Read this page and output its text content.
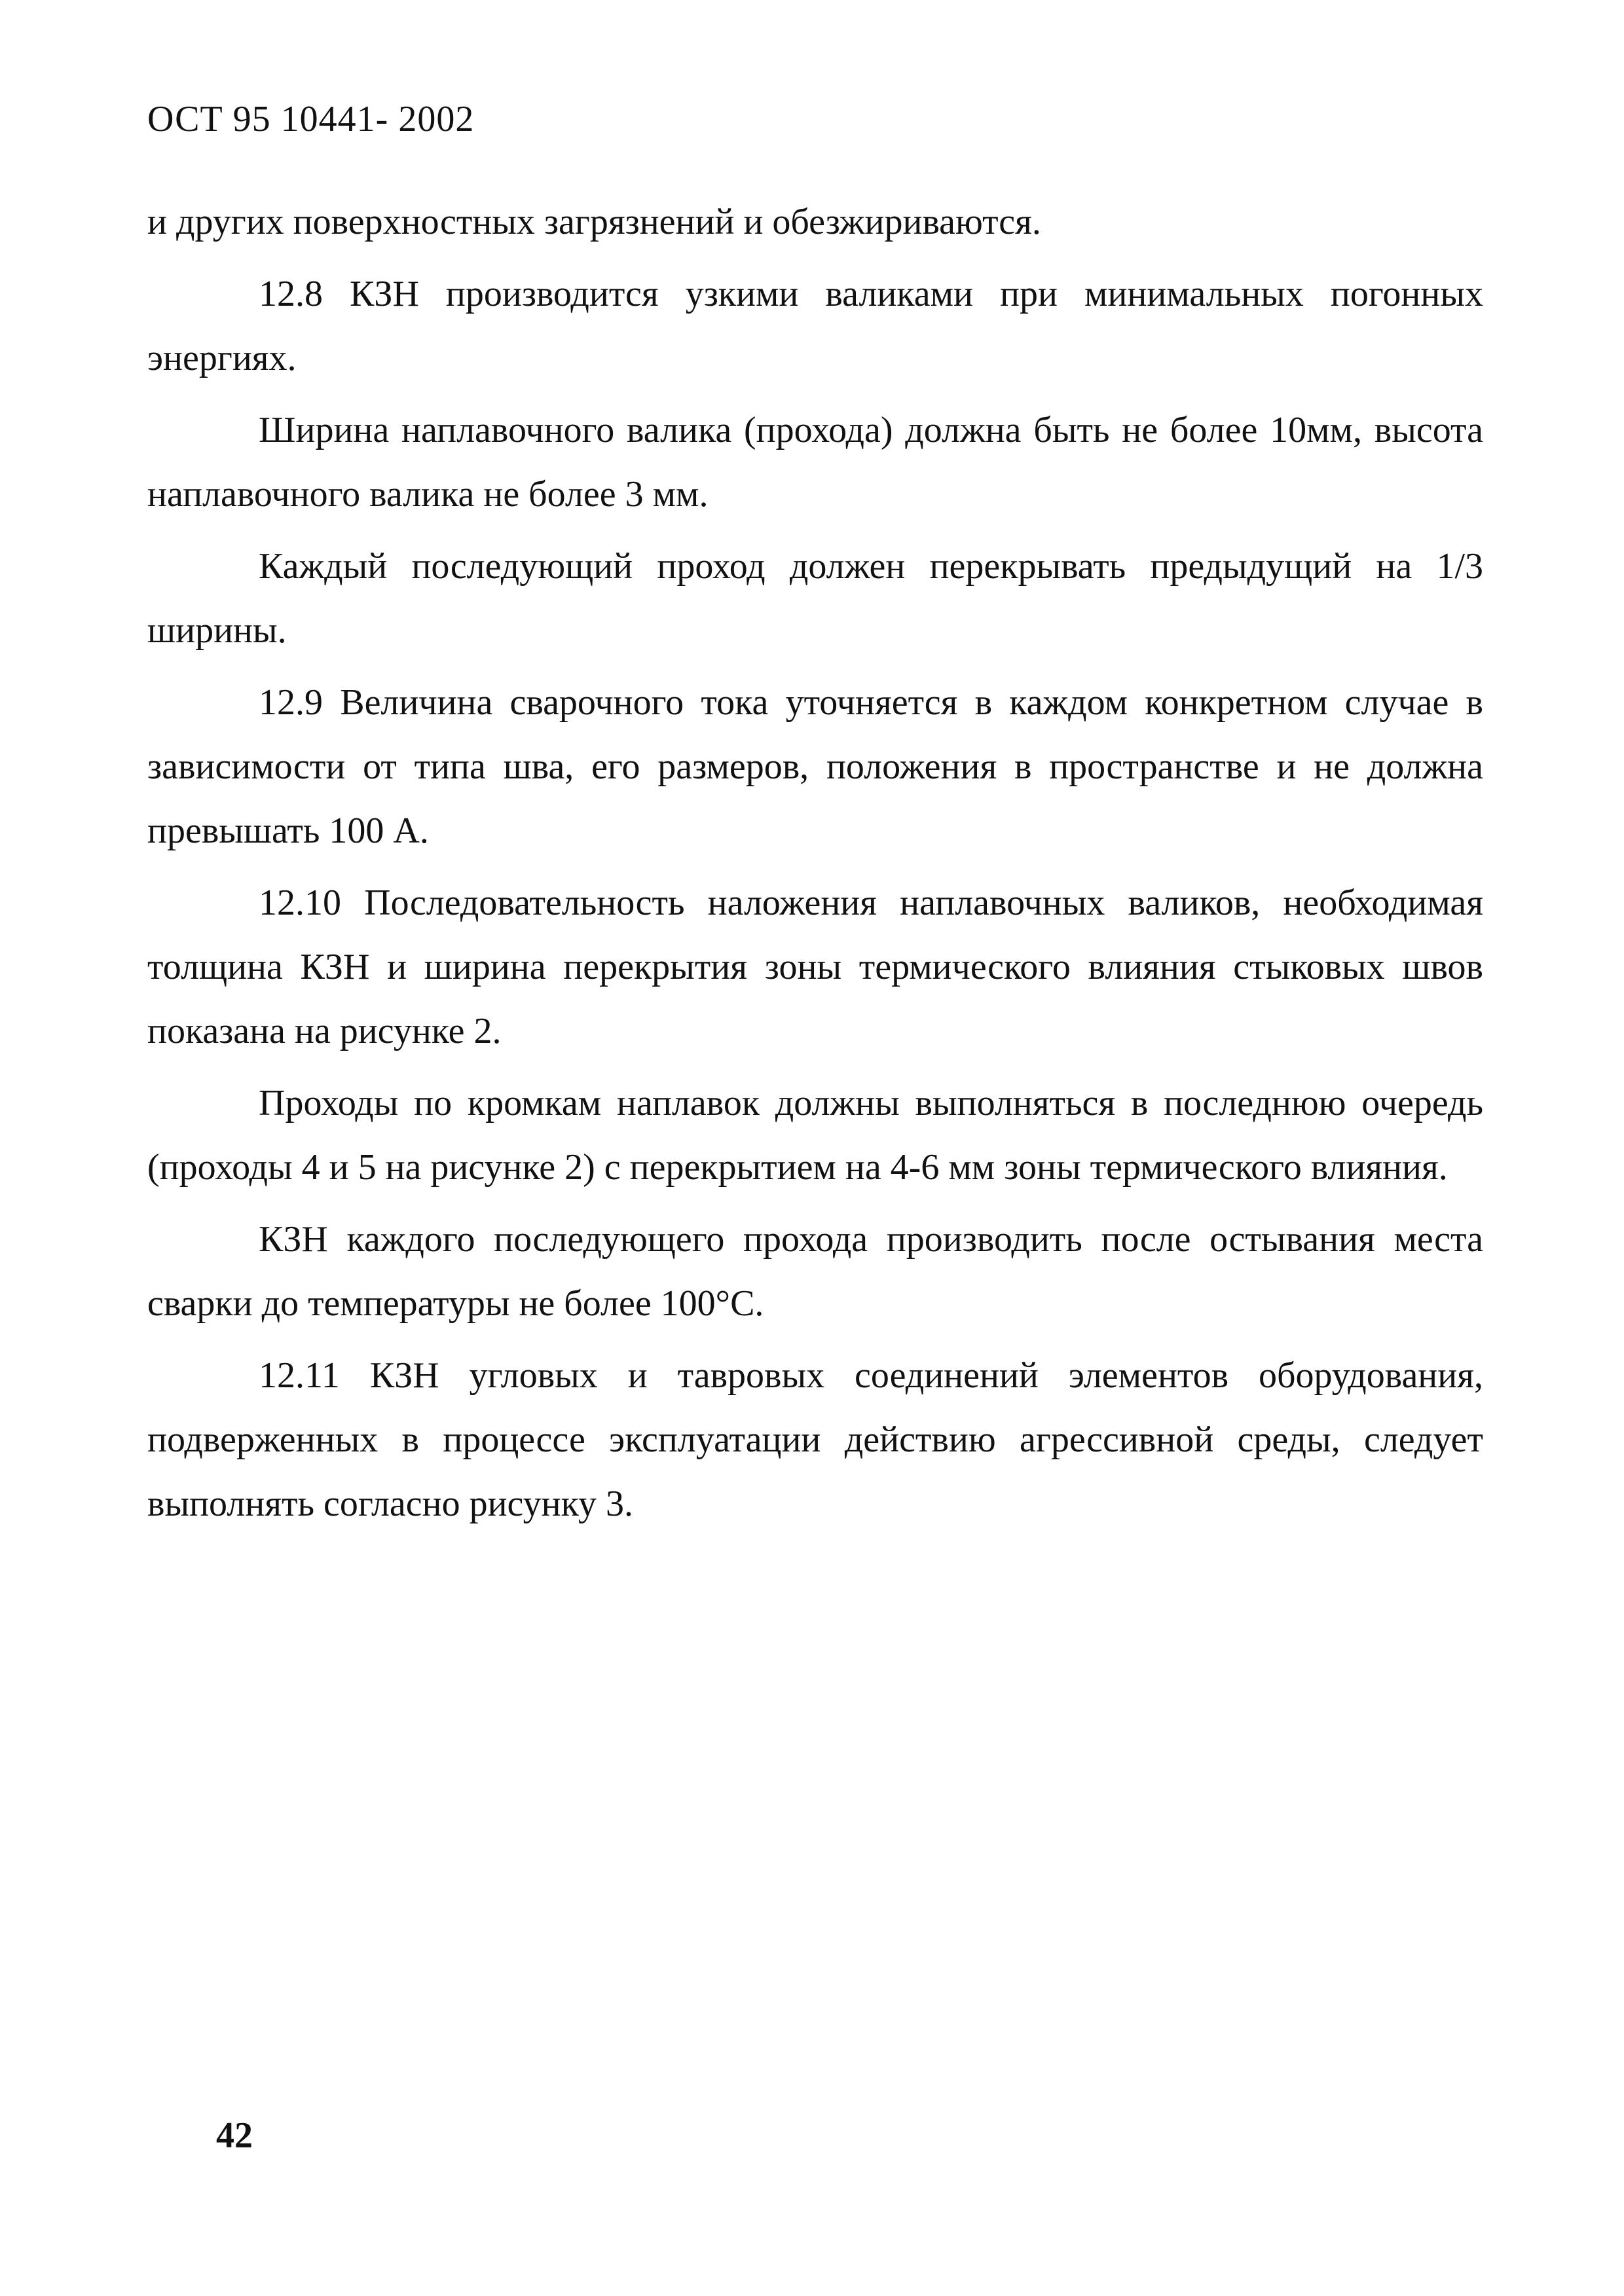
ОСТ 95 10441- 2002

и других поверхностных загрязнений и обезжириваются.

12.8 КЗН производится узкими валиками при минимальных погонных энергиях.

Ширина наплавочного валика (прохода) должна быть не более 10мм, высота наплавочного валика не более 3 мм.

Каждый последующий проход должен перекрывать предыдущий на 1/3 ширины.

12.9 Величина сварочного тока уточняется в каждом конкретном случае в зависимости от типа шва, его размеров, положения в пространстве и не должна превышать 100 А.

12.10 Последовательность наложения наплавочных валиков, необходимая толщина КЗН и ширина перекрытия зоны термического влияния стыковых швов показана на рисунке 2.

Проходы по кромкам наплавок должны выполняться в последнюю очередь (проходы 4 и 5 на рисунке 2) с перекрытием на 4-6 мм зоны термического влияния.

КЗН каждого последующего прохода производить после остывания места сварки до температуры не более 100°C.

12.11 КЗН угловых и тавровых соединений элементов оборудования, подверженных в процессе эксплуатации действию агрессивной среды, следует выполнять согласно рисунку 3.

42
